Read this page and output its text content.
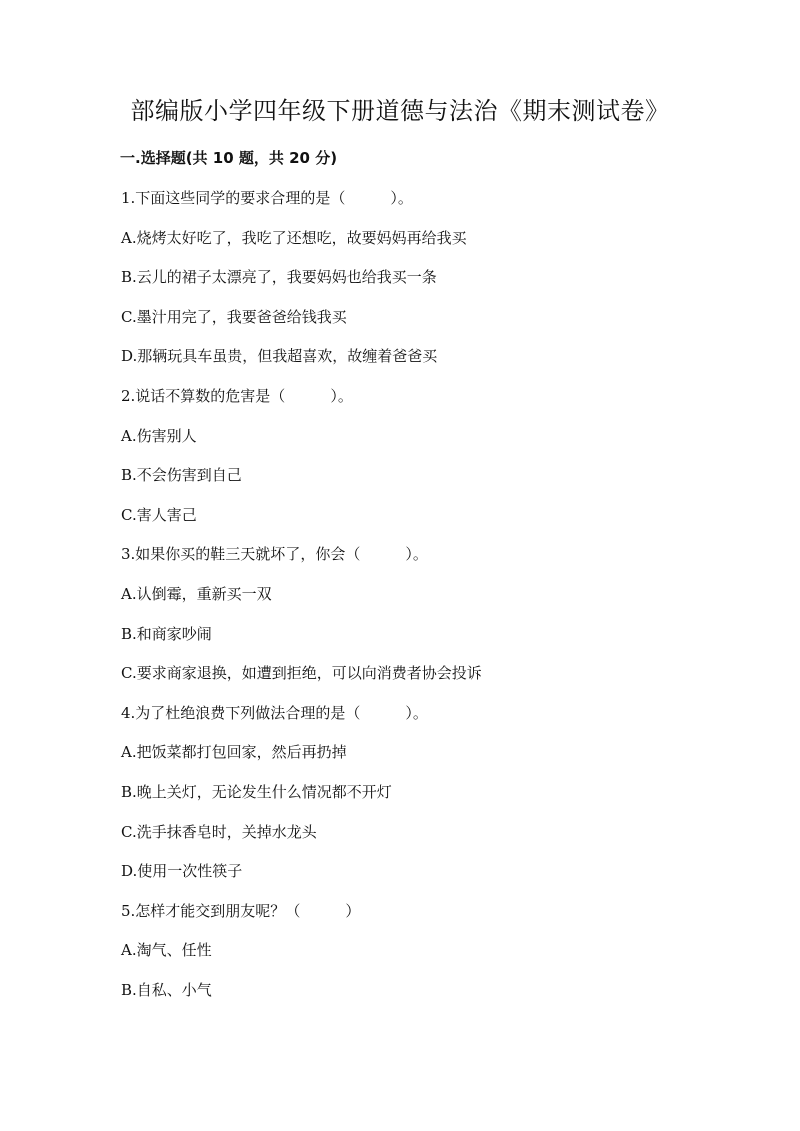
部编版小学四年级下册道德与法治《期末测试卷》
一.选择题(共 10 题，共 20 分)
1.下面这些同学的要求合理的是（　　　）。
A.烧烤太好吃了，我吃了还想吃，故要妈妈再给我买
B.云儿的裙子太漂亮了，我要妈妈也给我买一条
C.墨汁用完了，我要爸爸给钱我买
D.那辆玩具车虽贵，但我超喜欢，故缠着爸爸买
2.说话不算数的危害是（　　　）。
A.伤害别人
B.不会伤害到自己
C.害人害己
3.如果你买的鞋三天就坏了，你会（　　　）。
A.认倒霉，重新买一双
B.和商家吵闹
C.要求商家退换，如遭到拒绝，可以向消费者协会投诉
4.为了杜绝浪费下列做法合理的是（　　　）。
A.把饭菜都打包回家，然后再扔掉
B.晚上关灯，无论发生什么情况都不开灯
C.洗手抹香皂时，关掉水龙头
D.使用一次性筷子
5.怎样才能交到朋友呢？（　　　）
A.淘气、任性
B.自私、小气
